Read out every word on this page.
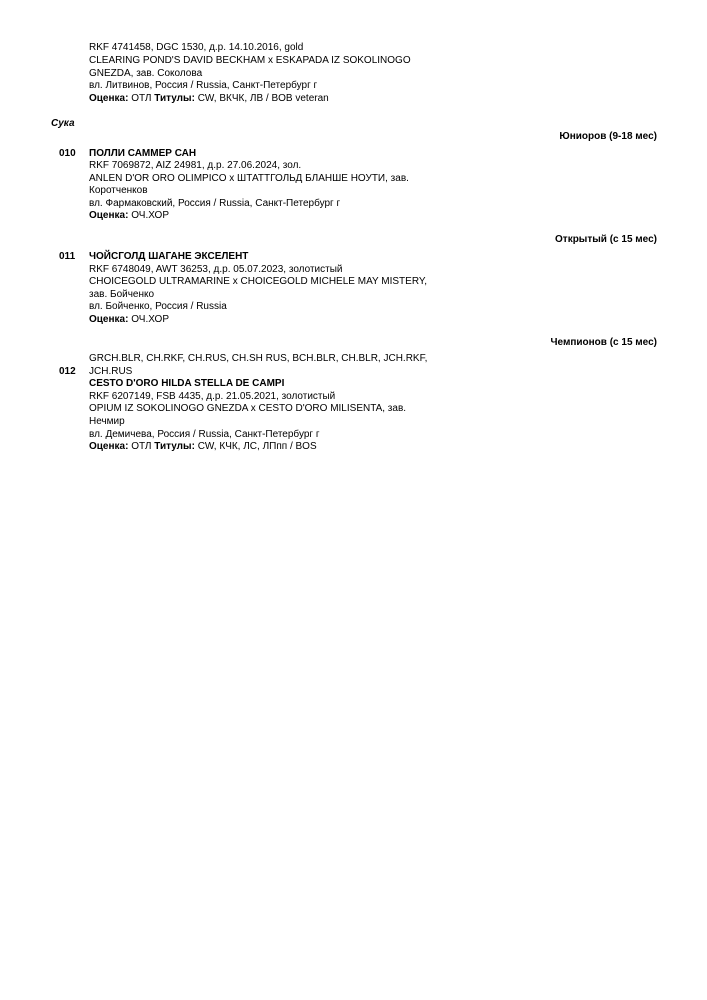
RKF 4741458, DGC 1530, д.р. 14.10.2016, gold
CLEARING POND'S DAVID BECKHAM x ESKAPADA IZ SOKOLINOGO
GNEZDA, зав. Соколова
вл. Литвинов, Россия / Russia, Санкт-Петербург г
Оценка: ОТЛ Титулы: CW, ВКЧК, ЛВ / BOB veteran
Сука
Юниоров (9-18 мес)
010 ПОЛЛИ САММЕР САН
RKF 7069872, AIZ 24981, д.р. 27.06.2024, зол.
ANLEN D'OR ORO OLIMPICO x ШТАТТГОЛЬД БЛАНШЕ НОУТИ, зав.
Коротченков
вл. Фармаковский, Россия / Russia, Санкт-Петербург г
Оценка: ОЧ.ХОР
Открытый (с 15 мес)
011 ЧОЙСГОЛД ШАГАНЕ ЭКСЕЛЕНТ
RKF 6748049, AWT 36253, д.р. 05.07.2023, золотистый
CHOICEGOLD ULTRAMARINE x CHOICEGOLD MICHELE MAY MISTERY,
зав. Бойченко
вл. Бойченко, Россия / Russia
Оценка: ОЧ.ХОР
Чемпионов (с 15 мес)
GRCH.BLR, CH.RKF, CH.RUS, CH.SH RUS, BCH.BLR, CH.BLR, JCH.RKF,
012 JCH.RUS
CESTO D'ORO HILDA STELLA DE CAMPI
RKF 6207149, FSB 4435, д.р. 21.05.2021, золотистый
OPIUM IZ SOKOLINOGO GNEZDA x CESTO D'ORO MILISENTA, зав.
Нечмир
вл. Демичева, Россия / Russia, Санкт-Петербург г
Оценка: ОТЛ Титулы: CW, КЧК, ЛС, ЛПпп / BOS
